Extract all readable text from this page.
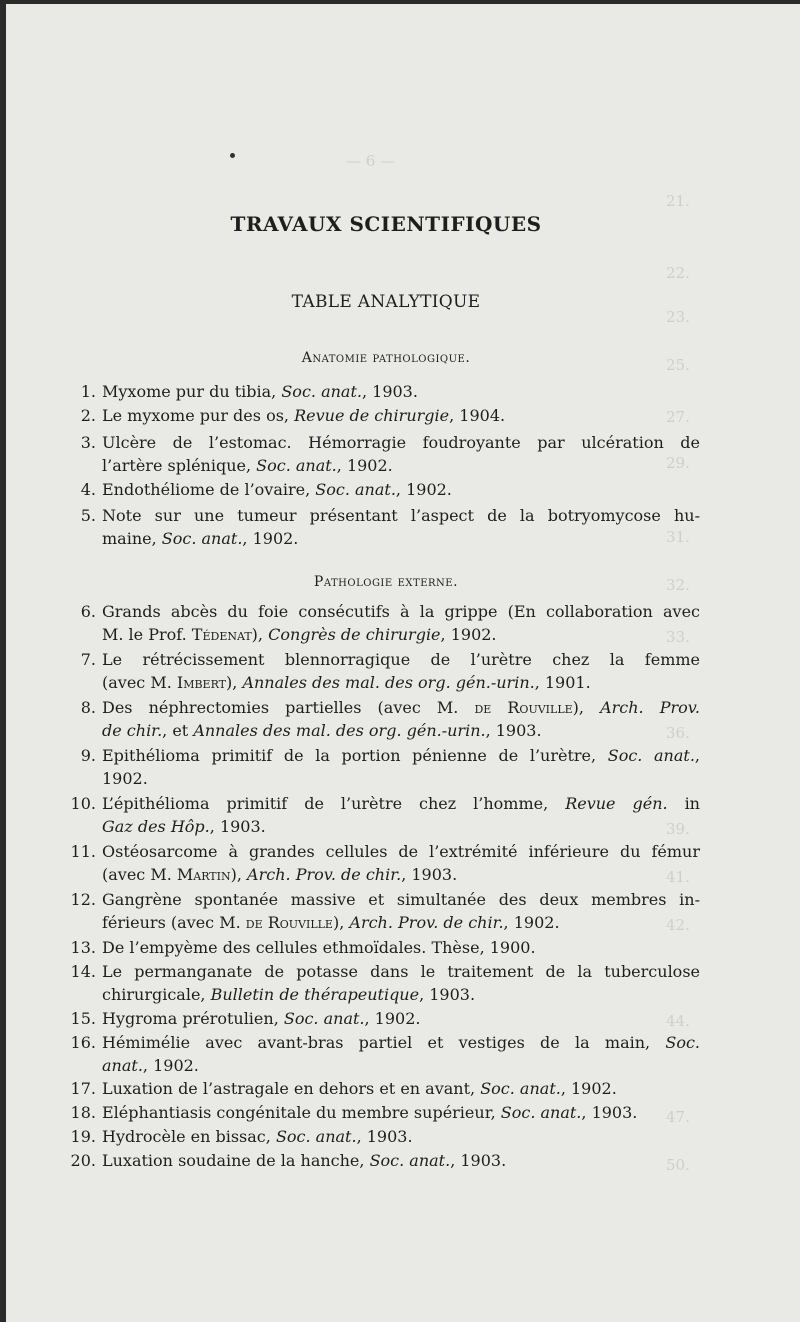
— 6 —
21.
22.
23.
25.
27.
29.
31.
32.
33.
36.
39.
41.
42.
44.
47.
50.
TRAVAUX SCIENTIFIQUES
TABLE ANALYTIQUE
Anatomie pathologique.
Pathologie externe.
1. Myxome pur du tibia, Soc. anat., 1903.
2. Le myxome pur des os, Revue de chirurgie, 1904.
3. Ulcère de l’estomac. Hémorragie foudroyante par ulcération de
l’artère splénique, Soc. anat., 1902.
4. Endothéliome de l’ovaire, Soc. anat., 1902.
5. Note sur une tumeur présentant l’aspect de la botryomycose hu-
maine, Soc. anat., 1902.
6. Grands abcès du foie consécutifs à la grippe (En collaboration avec
M. le Prof. Tédenat), Congrès de chirurgie, 1902.
7. Le rétrécissement blennorragique de l’urètre chez la femme
(avec M. Imbert), Annales des mal. des org. gén.-urin., 1901.
8. Des néphrectomies partielles (avec M. de Rouville), Arch. Prov.
de chir., et Annales des mal. des org. gén.-urin., 1903.
9. Epithélioma primitif de la portion pénienne de l’urètre, Soc. anat.,
1902.
10. L’épithélioma primitif de l’urètre chez l’homme, Revue gén. in
Gaz des Hôp., 1903.
11. Ostéosarcome à grandes cellules de l’extrémité inférieure du fémur
(avec M. Martin), Arch. Prov. de chir., 1903.
12. Gangrène spontanée massive et simultanée des deux membres in-
férieurs (avec M. de Rouville), Arch. Prov. de chir., 1902.
13. De l’empyème des cellules ethmoïdales. Thèse, 1900.
14. Le permanganate de potasse dans le traitement de la tuberculose
chirurgicale, Bulletin de thérapeutique, 1903.
15. Hygroma prérotulien, Soc. anat., 1902.
16. Hémimélie avec avant-bras partiel et vestiges de la main, Soc.
anat., 1902.
17. Luxation de l’astragale en dehors et en avant, Soc. anat., 1902.
18. Eléphantiasis congénitale du membre supérieur, Soc. anat., 1903.
19. Hydrocèle en bissac, Soc. anat., 1903.
20. Luxation soudaine de la hanche, Soc. anat., 1903.
